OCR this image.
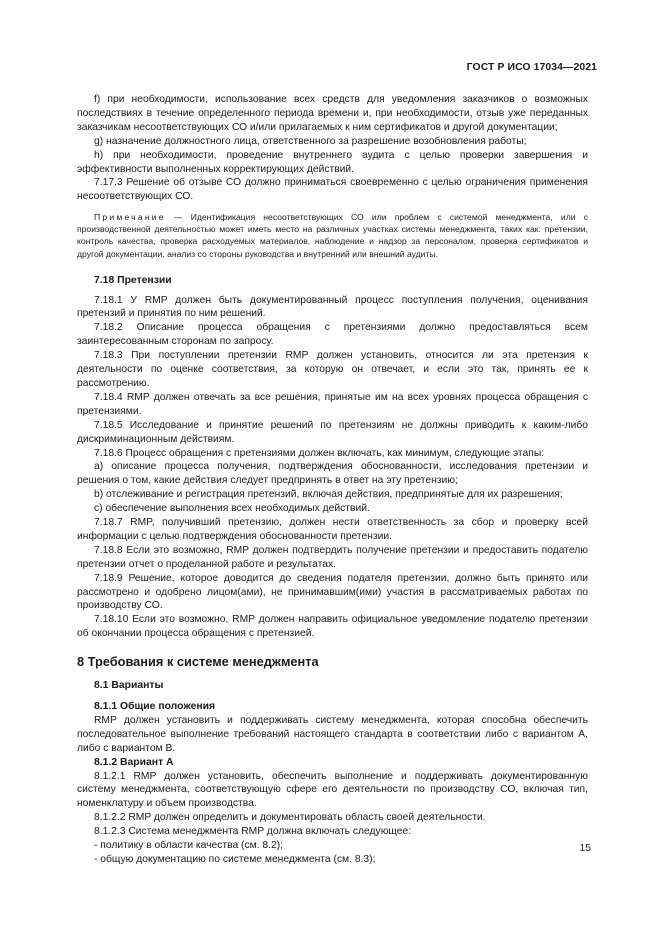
ГОСТ Р ИСО 17034—2021

f) при необходимости, использование всех средств для уведомления заказчиков о возможных последствиях в течение определенного периода времени и, при необходимости, отзыв уже переданных заказчикам несоответствующих СО и/или прилагаемых к ним сертификатов и другой документации;

g) назначение должностного лица, ответственного за разрешение возобновления работы;

h) при необходимости, проведение внутреннего аудита с целью проверки завершения и эффективности выполненных корректирующих действий.

7.17.3 Решение об отзыве СО должно приниматься своевременно с целью ограничения применения несоответствующих СО.

Примечание — Идентификация несоответствующих СО или проблем с системой менеджмента, или с производственной деятельностью может иметь место на различных участках системы менеджмента, таких как: претензии, контроль качества, проверка расходуемых материалов, наблюдение и надзор за персоналом, проверка сертификатов и другой документации, анализ со стороны руководства и внутренний или внешний аудиты.

7.18 Претензии

7.18.1 У RMP должен быть документированный процесс поступления получения, оценивания претензий и принятия по ним решений.

7.18.2 Описание процесса обращения с претензиями должно предоставляться всем заинтересованным сторонам по запросу.

7.18.3 При поступлении претензии RMP должен установить, относится ли эта претензия к деятельности по оценке соответствия, за которую он отвечает, и если это так, принять ее к рассмотрению.

7.18.4 RMP должен отвечать за все решения, принятые им на всех уровнях процесса обращения с претензиями.

7.18.5 Исследование и принятие решений по претензиям не должны приводить к каким-либо дискриминационным действиям.

7.18.6 Процесс обращения с претензиями должен включать, как минимум, следующие этапы:

a) описание процесса получения, подтверждения обоснованности, исследования претензии и решения о том, какие действия следует предпринять в ответ на эту претензию;

b) отслеживание и регистрация претензий, включая действия, предпринятые для их разрешения;

c) обеспечение выполнения всех необходимых действий.

7.18.7 RMP, получивший претензию, должен нести ответственность за сбор и проверку всей информации с целью подтверждения обоснованности претензии.

7.18.8 Если это возможно, RMP должен подтвердить получение претензии и предоставить подателю претензии отчет о проделанной работе и результатах.

7.18.9 Решение, которое доводится до сведения подателя претензии, должно быть принято или рассмотрено и одобрено лицом(ами), не принимавшим(ими) участия в рассматриваемых работах по производству СО.

7.18.10 Если это возможно, RMP должен направить официальное уведомление подателю претензии об окончании процесса обращения с претензией.

8 Требования к системе менеджмента
8.1 Варианты
8.1.1 Общие положения

RMP должен установить и поддерживать систему менеджмента, которая способна обеспечить последовательное выполнение требований настоящего стандарта в соответствии либо с вариантом А, либо с вариантом В.

8.1.2 Вариант А

8.1.2.1 RMP должен установить, обеспечить выполнение и поддерживать документированную систему менеджмента, соответствующую сфере его деятельности по производству СО, включая тип, номенклатуру и объем производства.

8.1.2.2 RMP должен определить и документировать область своей деятельности.

8.1.2.3 Система менеджмента RMP должна включать следующее:

- политику в области качества (см. 8.2);

- общую документацию по системе менеджмента (см. 8.3);

15
